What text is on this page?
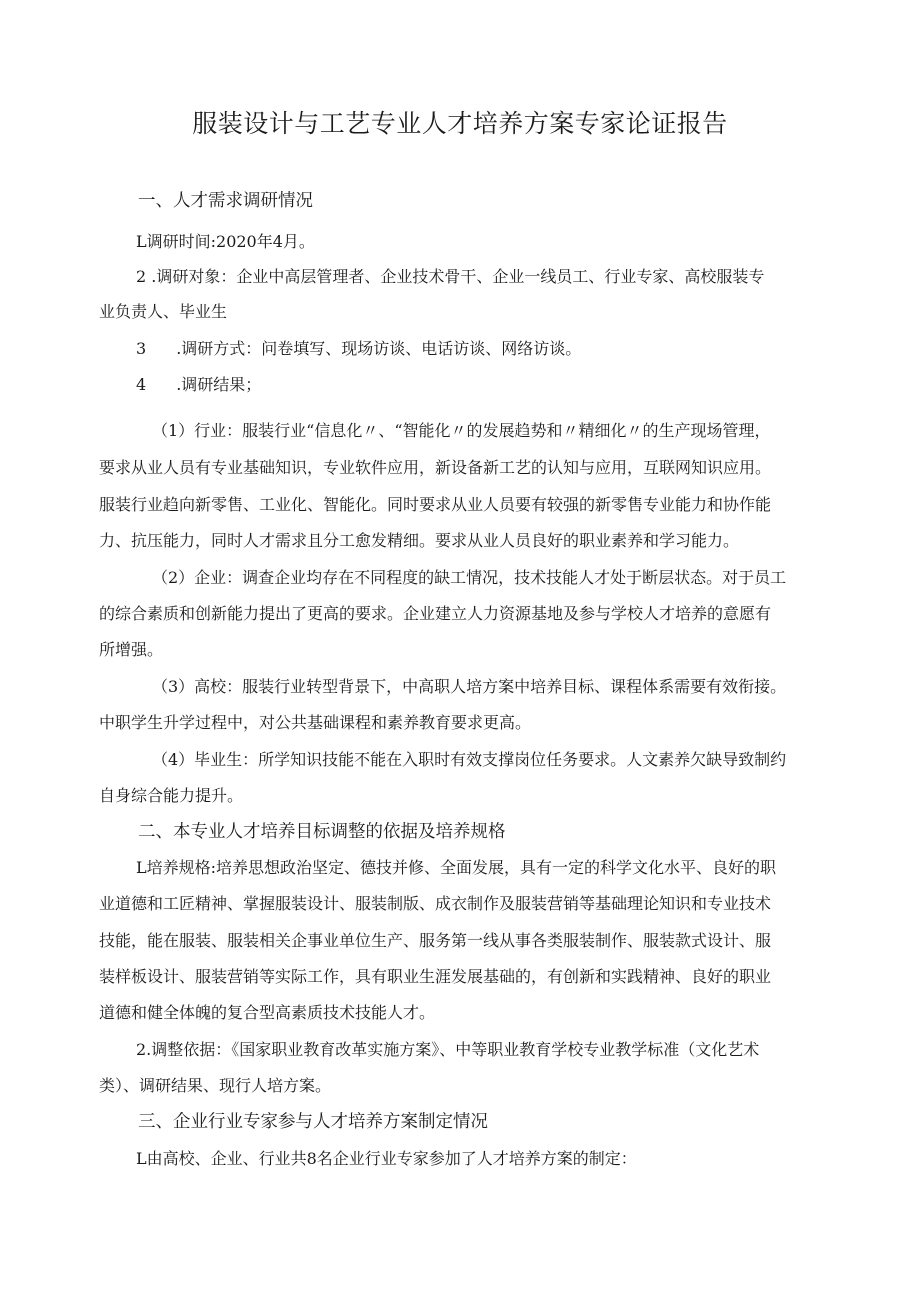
服装设计与工艺专业人才培养方案专家论证报告

一、人才需求调研情况

L调研时间:2020年4月。

2 .调研对象：企业中高层管理者、企业技术骨干、企业一线员工、行业专家、高校服装专

业负责人、毕业生

3 .调研方式：问卷填写、现场访谈、电话访谈、网络访谈。

4 .调研结果；

（1）行业：服装行业“信息化〃、“智能化〃的发展趋势和〃精细化〃的生产现场管理，

要求从业人员有专业基础知识，专业软件应用，新设备新工艺的认知与应用，互联网知识应用。

服装行业趋向新零售、工业化、智能化。同时要求从业人员要有较强的新零售专业能力和协作能

力、抗压能力，同时人才需求且分工愈发精细。要求从业人员良好的职业素养和学习能力。

（2）企业：调查企业均存在不同程度的缺工情况，技术技能人才处于断层状态。对于员工

的综合素质和创新能力提出了更高的要求。企业建立人力资源基地及参与学校人才培养的意愿有

所增强。

（3）高校：服装行业转型背景下，中高职人培方案中培养目标、课程体系需要有效衔接。

中职学生升学过程中，对公共基础课程和素养教育要求更高。

（4）毕业生：所学知识技能不能在入职时有效支撑岗位任务要求。人文素养欠缺导致制约

自身综合能力提升。

二、本专业人才培养目标调整的依据及培养规格

L培养规格:培养思想政治坚定、德技并修、全面发展，具有一定的科学文化水平、良好的职

业道德和工匠精神、掌握服装设计、服装制版、成衣制作及服装营销等基础理论知识和专业技术

技能，能在服装、服装相关企事业单位生产、服务第一线从事各类服装制作、服装款式设计、服

装样板设计、服装营销等实际工作，具有职业生涯发展基础的，有创新和实践精神、良好的职业

道德和健全体魄的复合型高素质技术技能人才。

2.调整依据：《国家职业教育改革实施方案》、中等职业教育学校专业教学标准（文化艺术

类）、调研结果、现行人培方案。

三、企业行业专家参与人才培养方案制定情况

L由高校、企业、行业共8名企业行业专家参加了人才培养方案的制定：
